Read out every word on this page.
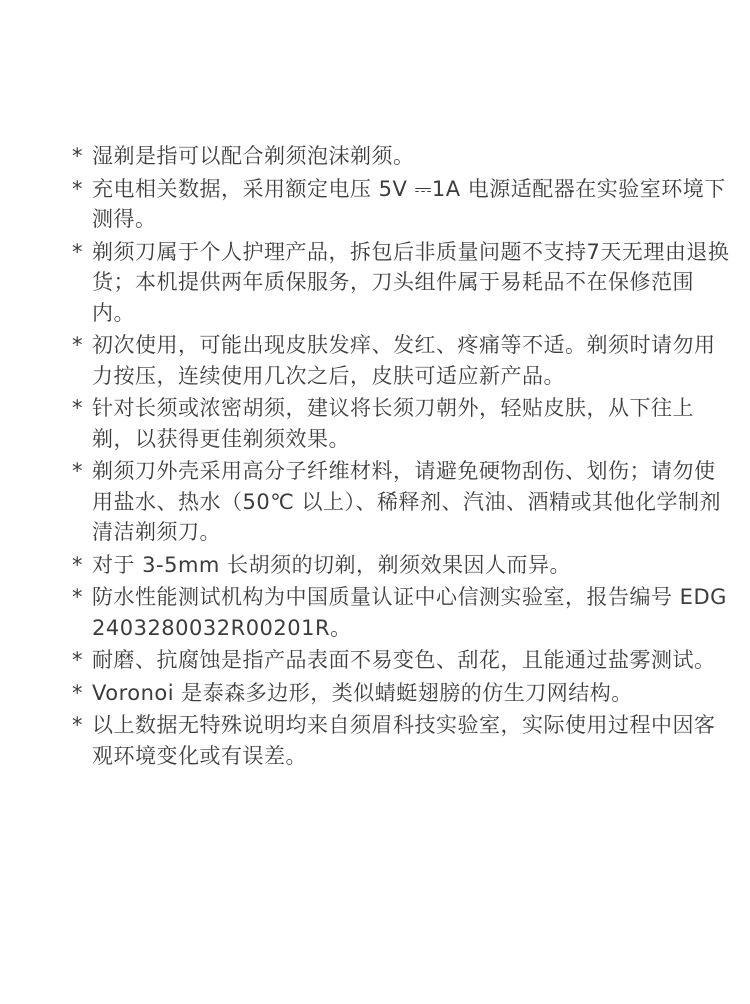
* 湿剃是指可以配合剃须泡沫剃须。
* 充电相关数据，采用额定电压 5V ⎓1A 电源适配器在实验室环境下测得。
* 剃须刀属于个人护理产品，拆包后非质量问题不支持7天无理由退换货；本机提供两年质保服务，刀头组件属于易耗品不在保修范围内。
* 初次使用，可能出现皮肤发痒、发红、疼痛等不适。剃须时请勿用力按压，连续使用几次之后，皮肤可适应新产品。
* 针对长须或浓密胡须，建议将长须刀朝外，轻贴皮肤，从下往上剃，以获得更佳剃须效果。
* 剃须刀外壳采用高分子纤维材料，请避免硬物刮伤、划伤；请勿使用盐水、热水（50℃ 以上）、稀释剂、汽油、酒精或其他化学制剂清洁剃须刀。
* 对于 3-5mm 长胡须的切剃，剃须效果因人而异。
* 防水性能测试机构为中国质量认证中心信测实验室，报告编号 EDG2403280032R00201R。
* 耐磨、抗腐蚀是指产品表面不易变色、刮花，且能通过盐雾测试。
* Voronoi 是泰森多边形，类似蜻蜓翅膀的仿生刀网结构。
* 以上数据无特殊说明均来自须眉科技实验室，实际使用过程中因客观环境变化或有误差。
